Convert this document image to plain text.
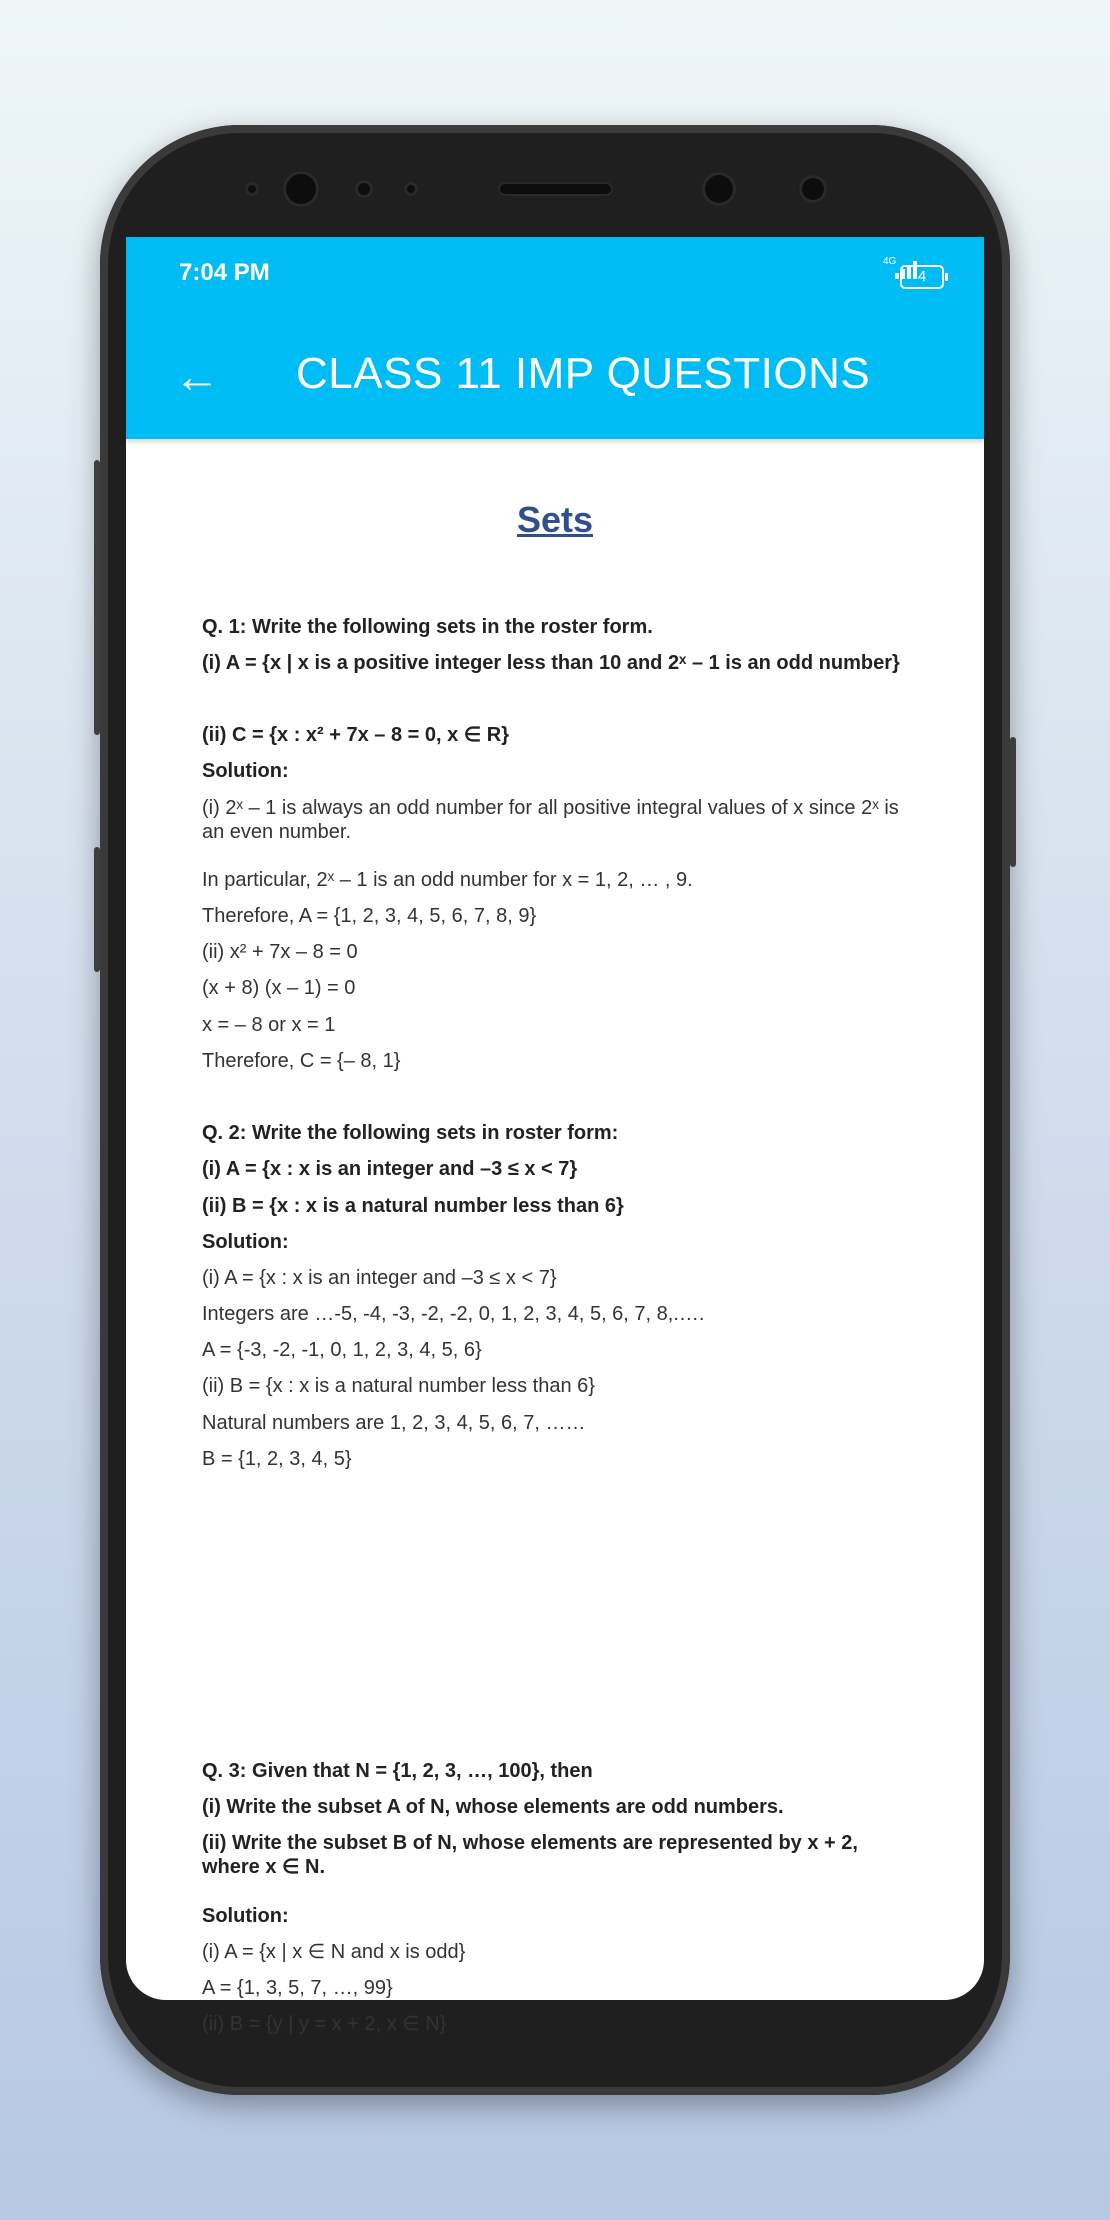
7:04 PM	4G
4
← CLASS 11 IMP QUESTIONS
Sets
Q. 1: Write the following sets in the roster form.
(i) A = {x | x is a positive integer less than 10 and 2ˣ – 1 is an odd number}
(ii) C = {x : x² + 7x – 8 = 0, x ∈ R}
Solution:
(i) 2ˣ – 1 is always an odd number for all positive integral values of x since 2ˣ is an even number.
In particular, 2ˣ – 1 is an odd number for x = 1, 2, … , 9.
Therefore, A = {1, 2, 3, 4, 5, 6, 7, 8, 9}
(ii) x² + 7x – 8 = 0
(x + 8) (x – 1) = 0
x = – 8 or x = 1
Therefore, C = {– 8, 1}
Q. 2: Write the following sets in roster form:
(i) A = {x : x is an integer and –3 ≤ x < 7}
(ii) B = {x : x is a natural number less than 6}
Solution:
(i) A = {x : x is an integer and –3 ≤ x < 7}
Integers are …-5, -4, -3, -2, -2, 0, 1, 2, 3, 4, 5, 6, 7, 8,.….
A = {-3, -2, -1, 0, 1, 2, 3, 4, 5, 6}
(ii) B = {x : x is a natural number less than 6}
Natural numbers are 1, 2, 3, 4, 5, 6, 7, ……
B = {1, 2, 3, 4, 5}
Q. 3: Given that N = {1, 2, 3, …, 100}, then
(i) Write the subset A of N, whose elements are odd numbers.
(ii) Write the subset B of N, whose elements are represented by x + 2, where x ∈ N.
Solution:
(i) A = {x | x ∈ N and x is odd}
A = {1, 3, 5, 7, …, 99}
(ii) B = {y | y = x + 2, x ∈ N}
